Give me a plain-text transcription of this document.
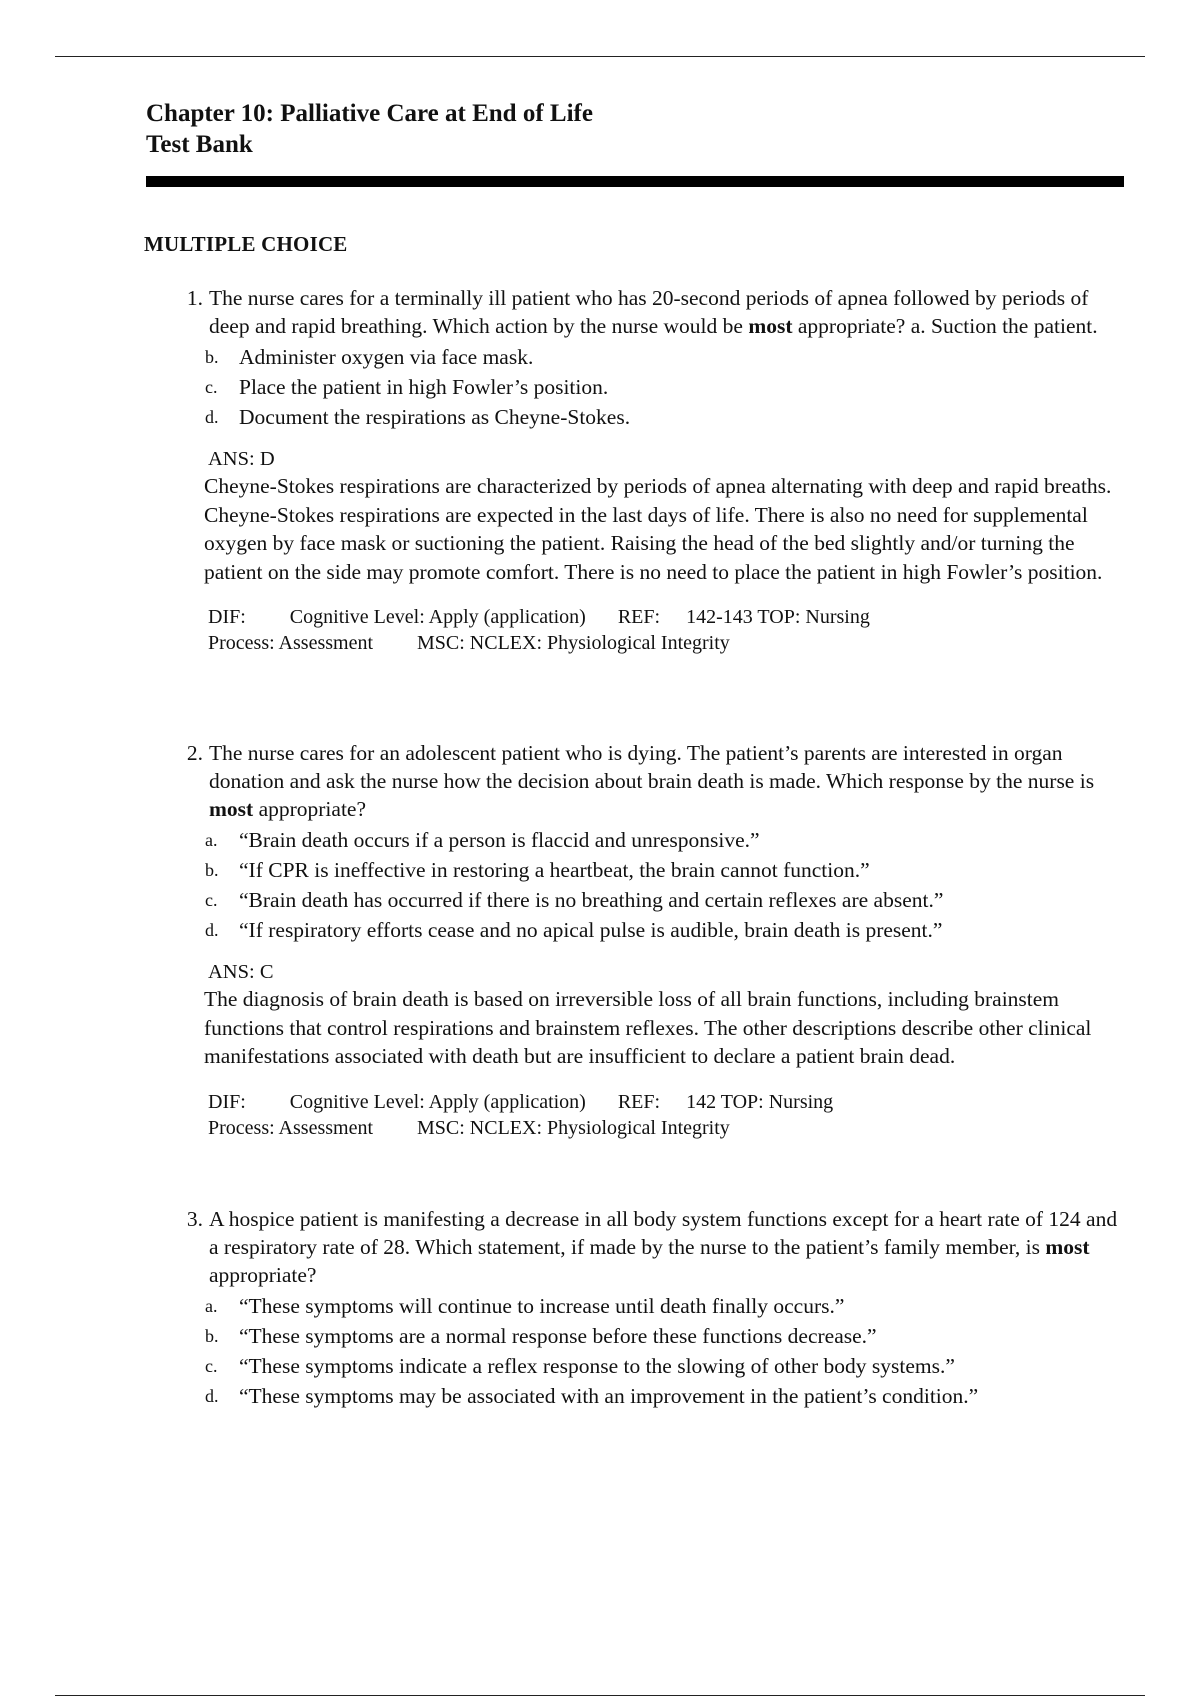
Chapter 10: Palliative Care at End of Life
Test Bank
MULTIPLE CHOICE
1. The nurse cares for a terminally ill patient who has 20-second periods of apnea followed by periods of deep and rapid breathing. Which action by the nurse would be most appropriate? a. Suction the patient.
b. Administer oxygen via face mask.
c. Place the patient in high Fowler’s position.
d. Document the respirations as Cheyne-Stokes.
ANS: D
Cheyne-Stokes respirations are characterized by periods of apnea alternating with deep and rapid breaths. Cheyne-Stokes respirations are expected in the last days of life. There is also no need for supplemental oxygen by face mask or suctioning the patient. Raising the head of the bed slightly and/or turning the patient on the side may promote comfort. There is no need to place the patient in high Fowler’s position.
DIF: Cognitive Level: Apply (application) REF: 142-143 TOP: Nursing
Process: Assessment MSC: NCLEX: Physiological Integrity
2. The nurse cares for an adolescent patient who is dying. The patient’s parents are interested in organ donation and ask the nurse how the decision about brain death is made. Which response by the nurse is most appropriate?
a. “Brain death occurs if a person is flaccid and unresponsive.”
b. “If CPR is ineffective in restoring a heartbeat, the brain cannot function.”
c. “Brain death has occurred if there is no breathing and certain reflexes are absent.”
d. “If respiratory efforts cease and no apical pulse is audible, brain death is present.”
ANS: C
The diagnosis of brain death is based on irreversible loss of all brain functions, including brainstem functions that control respirations and brainstem reflexes. The other descriptions describe other clinical manifestations associated with death but are insufficient to declare a patient brain dead.
DIF: Cognitive Level: Apply (application) REF: 142 TOP: Nursing
Process: Assessment MSC: NCLEX: Physiological Integrity
3. A hospice patient is manifesting a decrease in all body system functions except for a heart rate of 124 and a respiratory rate of 28. Which statement, if made by the nurse to the patient’s family member, is most appropriate?
a. “These symptoms will continue to increase until death finally occurs.”
b. “These symptoms are a normal response before these functions decrease.”
c. “These symptoms indicate a reflex response to the slowing of other body systems.”
d. “These symptoms may be associated with an improvement in the patient’s condition.”
